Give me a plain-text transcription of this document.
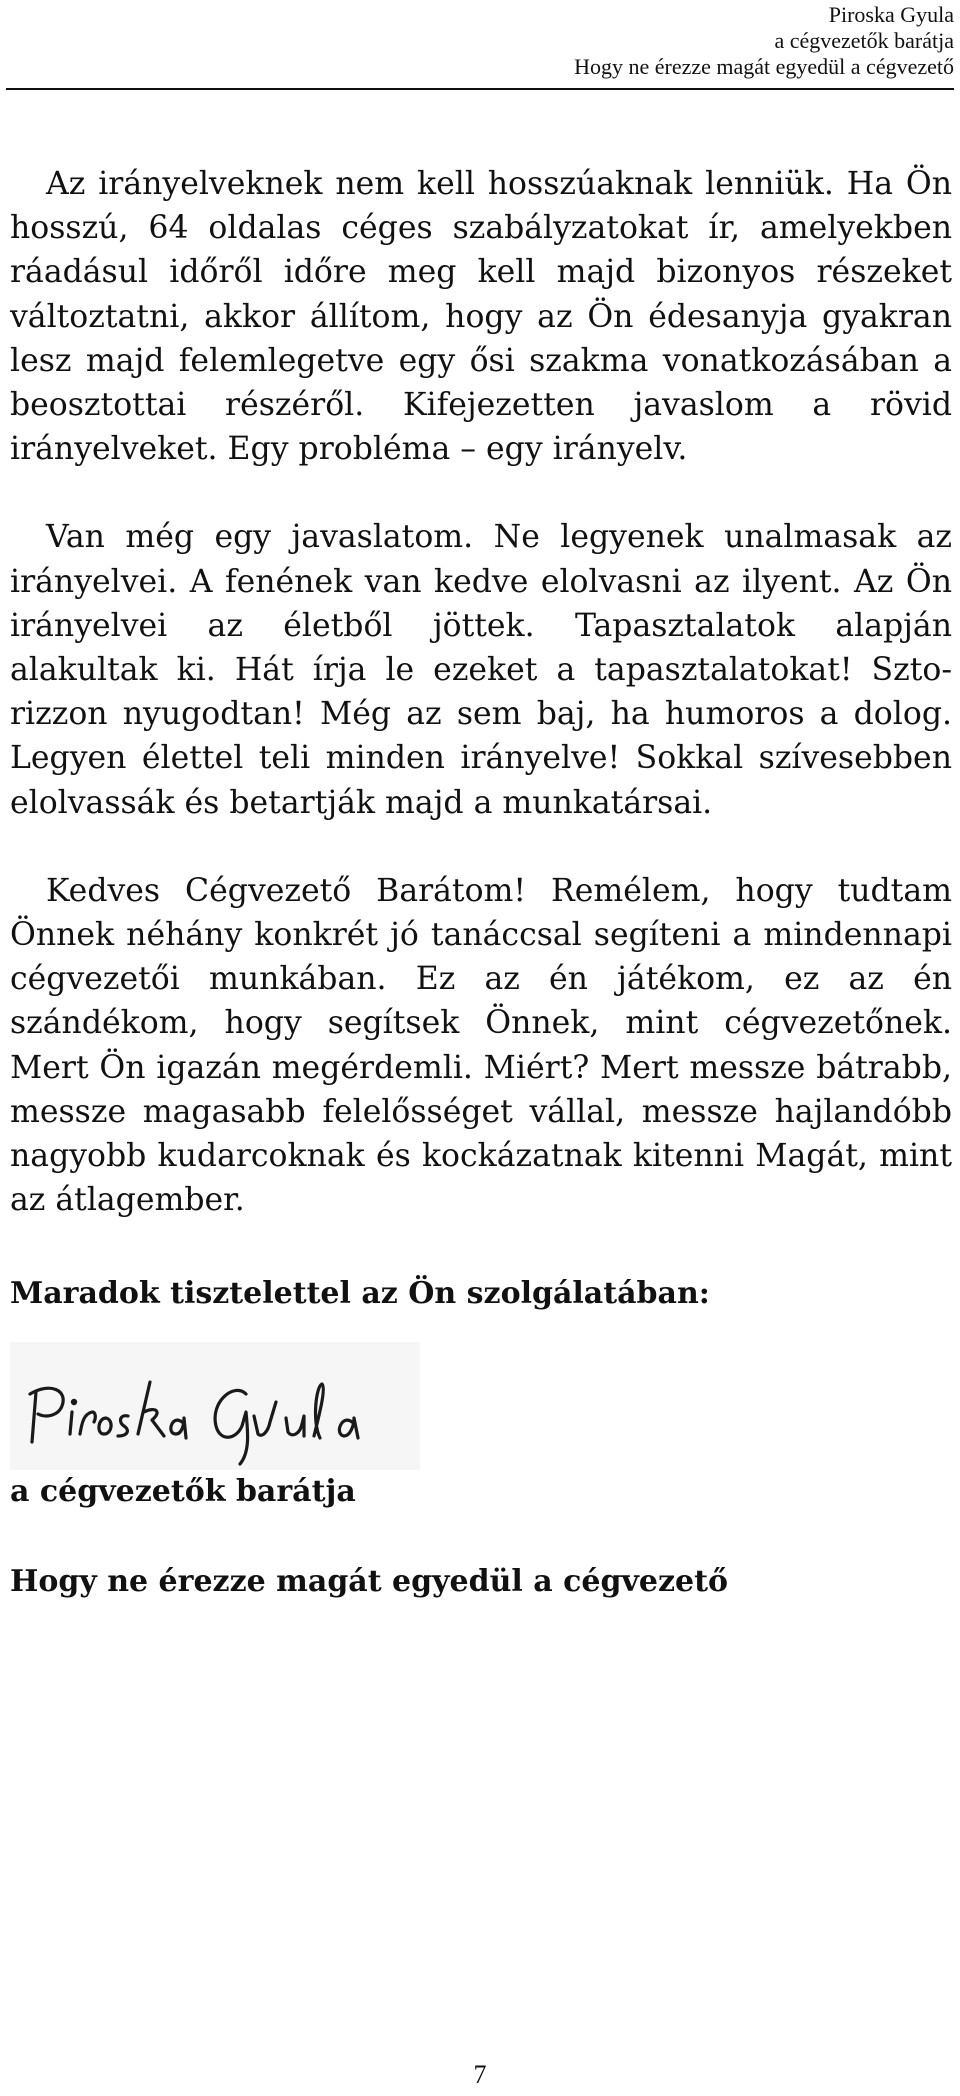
Piroska Gyula
a cégvezetők barátja
Hogy ne érezze magát egyedül a cégvezető

Az irányelveknek nem kell hosszúaknak lenniük. Ha Ön hosszú, 64 oldalas céges szabályzatokat ír, amelyekben ráadásul időről időre meg kell majd bizonyos részeket változtatni, akkor állítom, hogy az Ön édesanyja gyakran lesz majd felemlegetve egy ősi szakma vonatkozásában a beosztottai részéről. Kifejezetten javaslom a rövid irányelveket. Egy probléma – egy irányelv.

Van még egy javaslatom. Ne legyenek unalmasak az irányelvei. A fenének van kedve elolvasni az ilyent. Az Ön irányelvei az életből jöttek. Tapasztalatok alapján alakultak ki. Hát írja le ezeket a tapasztalatokat! Sztorizzon nyugodtan! Még az sem baj, ha humoros a dolog. Legyen élettel teli minden irányelve! Sokkal szívesebben elolvassák és betartják majd a munkatársai.

Kedves Cégvezető Barátom! Remélem, hogy tudtam Önnek néhány konkrét jó tanáccsal segíteni a mindennapi cégvezetői munkában. Ez az én játékom, ez az én szándékom, hogy segítsek Önnek, mint cégvezetőnek. Mert Ön igazán megérdemli. Miért? Mert messze bátrabb, messze magasabb felelősséget vállal, messze hajlandóbb nagyobb kudarcoknak és kockázatnak kitenni Magát, mint az átlagember.

Maradok tisztelettel az Ön szolgálatában:

a cégvezetők barátja

Hogy ne érezze magát egyedül a cégvezető

7
